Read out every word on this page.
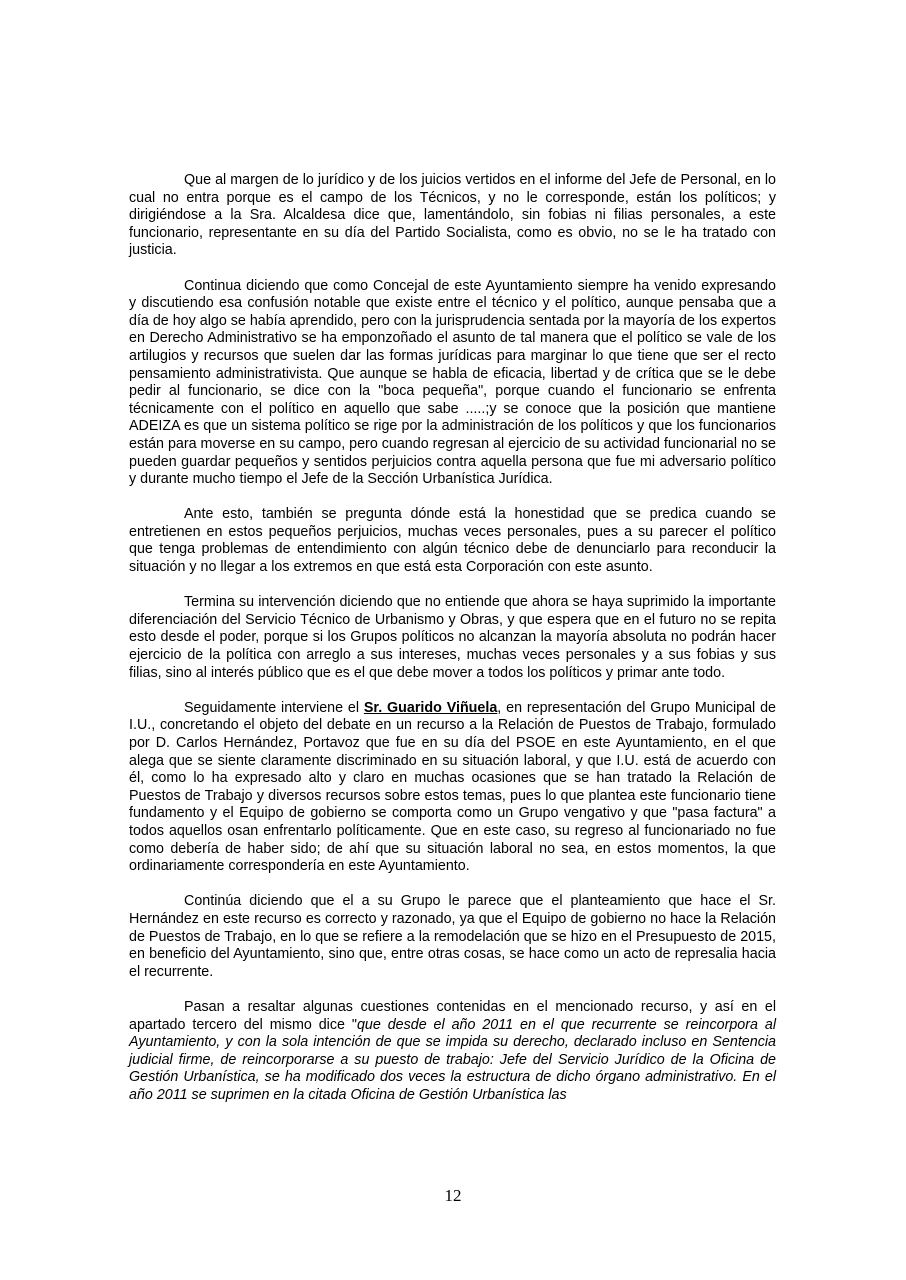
Que al margen de lo jurídico y de los juicios vertidos en el informe del Jefe de Personal, en lo cual no entra porque es el campo de los Técnicos, y no le corresponde, están los políticos; y dirigiéndose a la Sra. Alcaldesa dice que, lamentándolo, sin fobias ni filias personales, a este funcionario, representante en su día del Partido Socialista, como es obvio, no se le ha tratado con justicia.

Continua diciendo que como Concejal de este Ayuntamiento siempre ha venido expresando y discutiendo esa confusión notable que existe entre el técnico y el político, aunque pensaba que a día de hoy algo se había aprendido, pero con la jurisprudencia sentada por la mayoría de los expertos en Derecho Administrativo se ha emponzoñado el asunto de tal manera que el político se vale de los artilugios y recursos que suelen dar las formas jurídicas para marginar lo que tiene que ser el recto pensamiento administrativista. Que aunque se habla de eficacia, libertad y de crítica que se le debe pedir al funcionario, se dice con la "boca pequeña", porque cuando el funcionario se enfrenta técnicamente con el político en aquello que sabe .....;y se conoce que la posición que mantiene ADEIZA es que un sistema político se rige por la administración de los políticos y que los funcionarios están para moverse en su campo, pero cuando regresan al ejercicio de su actividad funcionarial no se pueden guardar pequeños y sentidos perjuicios contra aquella persona que fue mi adversario político y durante mucho tiempo el Jefe de la Sección Urbanística Jurídica.

Ante esto, también se pregunta dónde está la honestidad que se predica cuando se entretienen en estos pequeños perjuicios, muchas veces personales, pues a su parecer el político que tenga problemas de entendimiento con algún técnico debe de denunciarlo para reconducir la situación y no llegar a los extremos en que está esta Corporación con este asunto.

Termina su intervención diciendo que no entiende que ahora se haya suprimido la importante diferenciación del Servicio Técnico de Urbanismo y Obras, y que espera que en el futuro no se repita esto desde el poder, porque si los Grupos políticos no alcanzan la mayoría absoluta no podrán hacer ejercicio de la política con arreglo a sus intereses, muchas veces personales y a sus fobias y sus filias, sino al interés público que es el que debe mover a todos los políticos y primar ante todo.

Seguidamente interviene el Sr. Guarido Viñuela, en representación del Grupo Municipal de I.U., concretando el objeto del debate en un recurso a la Relación de Puestos de Trabajo, formulado por D. Carlos Hernández, Portavoz que fue en su día del PSOE en este Ayuntamiento, en el que alega que se siente claramente discriminado en su situación laboral, y que I.U. está de acuerdo con él, como lo ha expresado alto y claro en muchas ocasiones que se han tratado la Relación de Puestos de Trabajo y diversos recursos sobre estos temas, pues lo que plantea este funcionario tiene fundamento y el Equipo de gobierno se comporta como un Grupo vengativo y que "pasa factura" a todos aquellos osan enfrentarlo políticamente. Que en este caso, su regreso al funcionariado no fue como debería de haber sido; de ahí que su situación laboral no sea, en estos momentos, la que ordinariamente correspondería en este Ayuntamiento.

Continúa diciendo que el a su Grupo le parece que el planteamiento que hace el Sr. Hernández en este recurso es correcto y razonado, ya que el Equipo de gobierno no hace la Relación de Puestos de Trabajo, en lo que se refiere a la remodelación que se hizo en el Presupuesto de 2015, en beneficio del Ayuntamiento, sino que, entre otras cosas, se hace como un acto de represalia hacia el recurrente.

Pasan a resaltar algunas cuestiones contenidas en el mencionado recurso, y así en el apartado tercero del mismo dice "que desde el año 2011 en el que recurrente se reincorpora al Ayuntamiento, y con la sola intención de que se impida su derecho, declarado incluso en Sentencia judicial firme, de reincorporarse a su puesto de trabajo: Jefe del Servicio Jurídico de la Oficina de Gestión Urbanística, se ha modificado dos veces la estructura de dicho órgano administrativo. En el año 2011 se suprimen en la citada Oficina de Gestión Urbanística las

12
